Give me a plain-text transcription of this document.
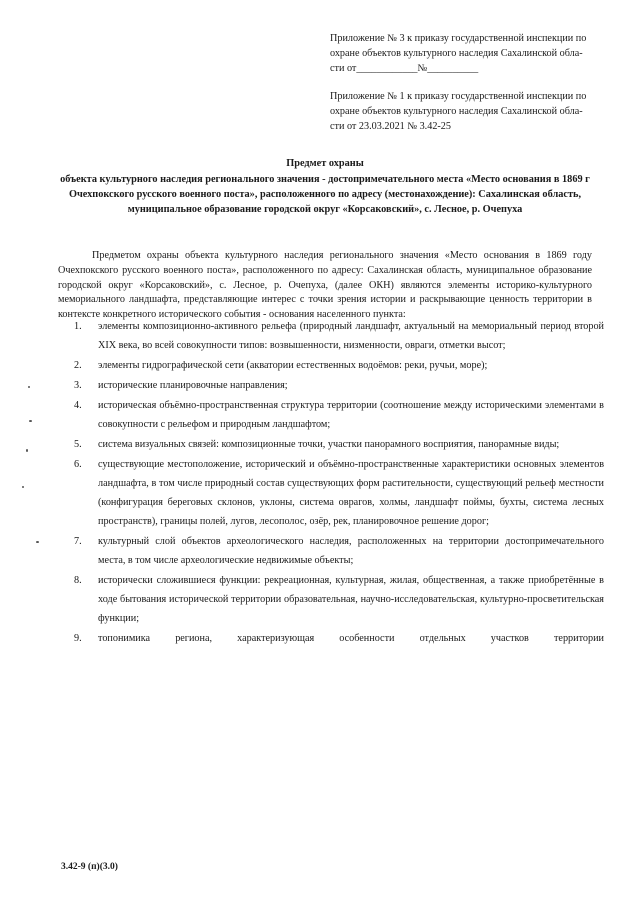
Приложение № 3 к приказу государственной инспекции по

охране объектов культурного наследия Сахалинской обла-

сти от____________№__________

Приложение № 1 к приказу государственной инспекции по

охране объектов культурного наследия Сахалинской обла-

сти от 23.03.2021 № 3.42-25

Предмет охраны

объекта культурного наследия регионального значения - достопримечательного места «Место основания в 1869 г Очехпокского русского военного поста», расположенного по адресу (местонахождение): Сахалинская область, муниципальное образование городской округ «Корсаковский», с. Лесное, р. Очепуха

Предметом охраны объекта культурного наследия регионального значения «Место основания в 1869 году Очехпокского русского военного поста», расположенного по адресу: Сахалинская область, муниципальное образование городской округ «Корсаковский», с. Лесное, р. Очепуха, (далее ОКН) являются элементы историко-культурного мемориального ландшафта, представляющие интерес с точки зрения истории и раскрывающие ценность территории в контексте конкретного исторического события - основания населенного пункта:

1. элементы композиционно-активного рельефа (природный ландшафт, актуальный на мемориальный период второй XIX века, во всей совокупности типов: возвышенности, низменности, овраги, отметки высот;
2. элементы гидрографической сети (акватории естественных водоёмов: реки, ручьи, море);
3. исторические планировочные направления;
4. историческая объёмно-пространственная структура территории (соотношение между историческими элементами в совокупности с рельефом и природным ландшафтом;
5. система визуальных связей: композиционные точки, участки панорамного восприятия, панорамные виды;
6. существующие местоположение, исторический и объёмно-пространственные характеристики основных элементов ландшафта, в том числе природный состав существующих форм растительности, существующий рельеф местности (конфигурация береговых склонов, уклоны, система оврагов, холмы, ландшафт поймы, бухты, система лесных пространств), границы полей, лугов, лесополос, озёр, рек, планировочное решение дорог;
7. культурный слой объектов археологического наследия, расположенных на территории достопримечательного места, в том числе археологические недвижимые объекты;
8. исторически сложившиеся функции: рекреационная, культурная, жилая, общественная, а также приобретённые в ходе бытования исторической территории образовательная, научно-исследовательская, культурно-просветительская функции;
9. топонимика региона, характеризующая особенности отдельных участков территории
3.42-9 (п)(3.0)
